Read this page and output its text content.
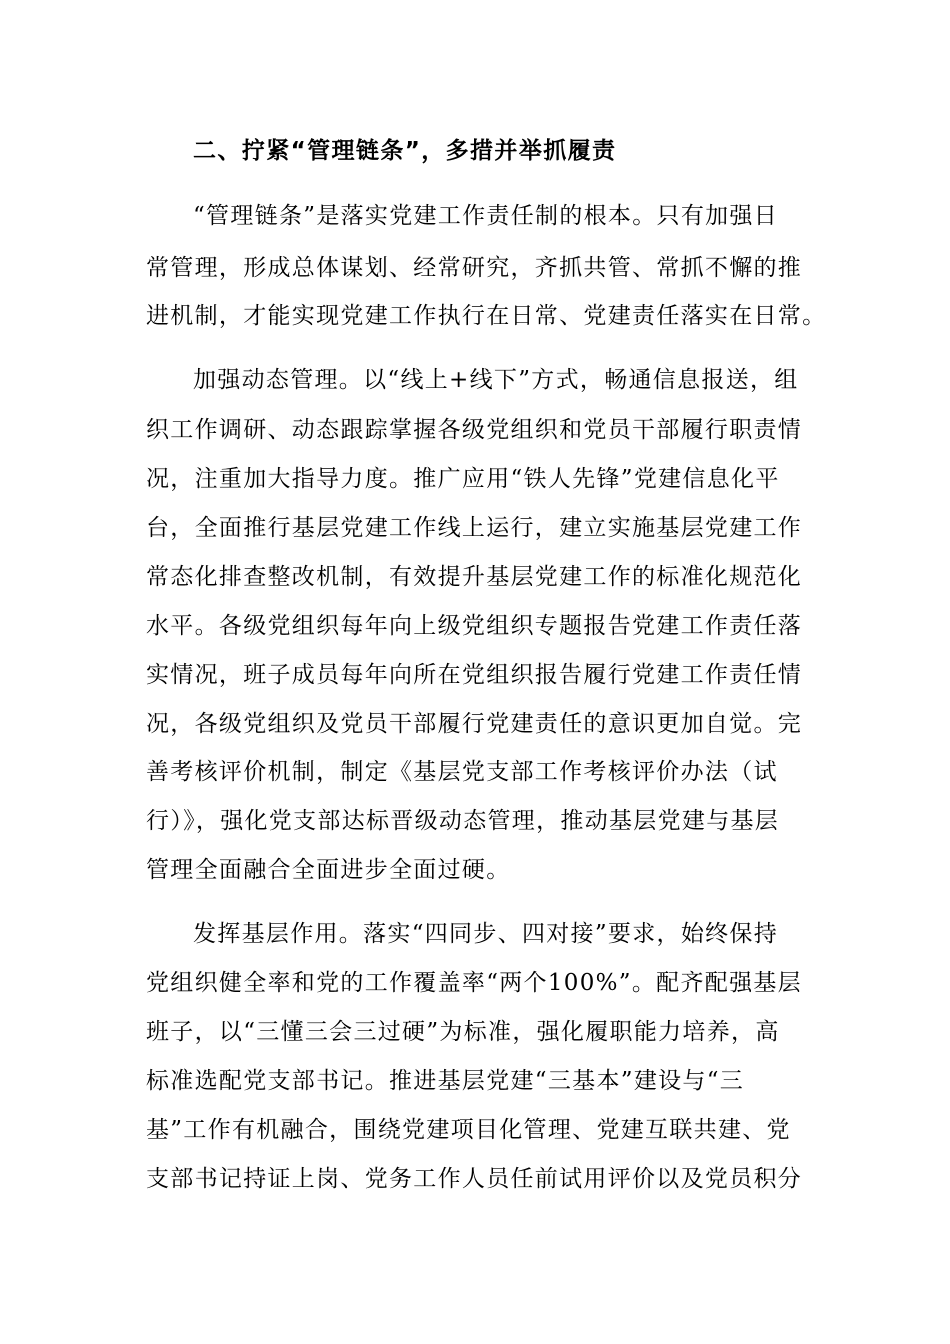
二、拧紧“管理链条”，多措并举抓履责
“管理链条”是落实党建工作责任制的根本。只有加强日
常管理，形成总体谋划、经常研究，齐抓共管、常抓不懈的推
进机制，才能实现党建工作执行在日常、党建责任落实在日常。
加强动态管理。以“线上+线下”方式，畅通信息报送，组
织工作调研、动态跟踪掌握各级党组织和党员干部履行职责情
况，注重加大指导力度。推广应用“铁人先锋”党建信息化平
台，全面推行基层党建工作线上运行，建立实施基层党建工作
常态化排查整改机制，有效提升基层党建工作的标准化规范化
水平。各级党组织每年向上级党组织专题报告党建工作责任落
实情况，班子成员每年向所在党组织报告履行党建工作责任情
况，各级党组织及党员干部履行党建责任的意识更加自觉。完
善考核评价机制，制定《基层党支部工作考核评价办法（试
行）》，强化党支部达标晋级动态管理，推动基层党建与基层
管理全面融合全面进步全面过硬。
发挥基层作用。落实“四同步、四对接”要求，始终保持
党组织健全率和党的工作覆盖率“两个100%”。配齐配强基层
班子，以“三懂三会三过硬”为标准，强化履职能力培养，高
标准选配党支部书记。推进基层党建“三基本”建设与“三
基”工作有机融合，围绕党建项目化管理、党建互联共建、党
支部书记持证上岗、党务工作人员任前试用评价以及党员积分
